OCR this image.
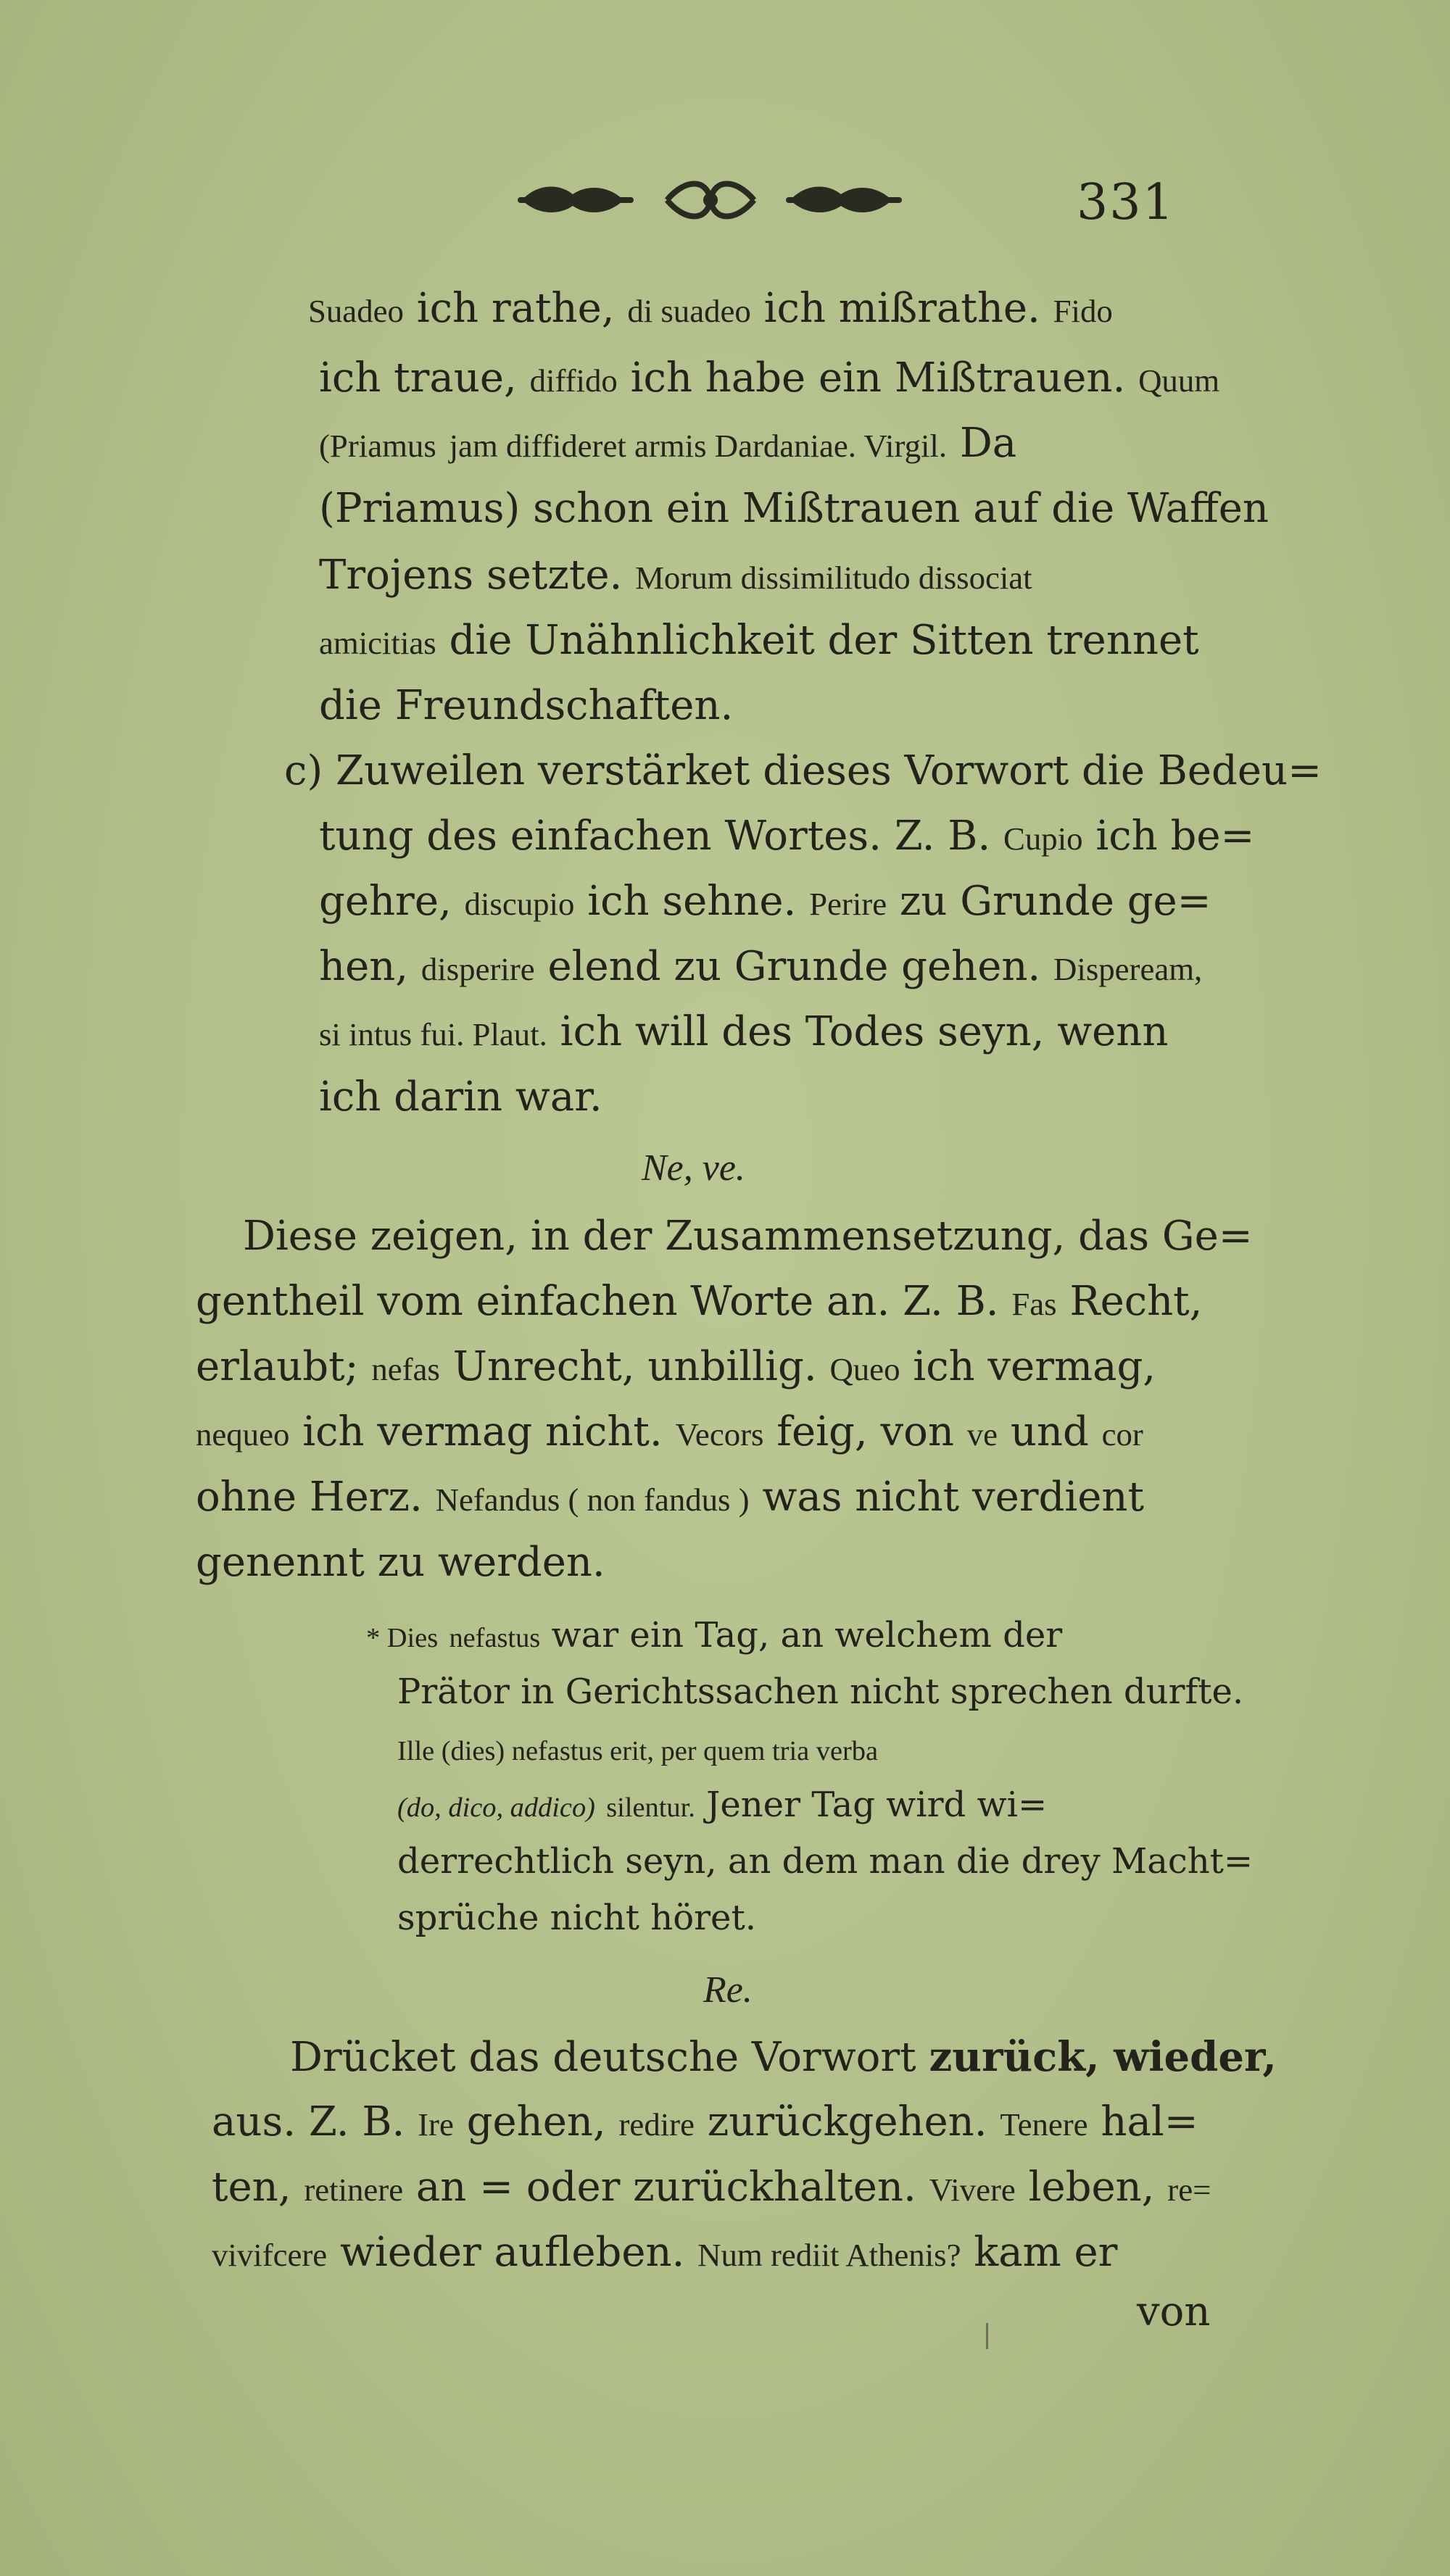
331
Suadeo ich rathe, di suadeo ich mißrathe. Fido
ich traue, diffido ich habe ein Mißtrauen. Quum
(Priamus jam diffideret armis Dardaniae. Virgil. Da
(Priamus) schon ein Mißtrauen auf die Waffen
Trojens setzte. Morum dissimilitudo dissociat
amicitias die Unähnlichkeit der Sitten trennet
die Freundschaften.
c) Zuweilen verstärket dieses Vorwort die Bedeu=
tung des einfachen Wortes. Z. B. Cupio ich be=
gehre, discupio ich sehne. Perire zu Grunde ge=
hen, disperire elend zu Grunde gehen. Dispeream,
si intus fui. Plaut. ich will des Todes seyn, wenn
ich darin war.
Ne, ve.
Diese zeigen, in der Zusammensetzung, das Ge=
gentheil vom einfachen Worte an. Z. B. Fas Recht,
erlaubt; nefas Unrecht, unbillig. Queo ich vermag,
nequeo ich vermag nicht. Vecors feig, von ve und cor
ohne Herz. Nefandus ( non fandus ) was nicht verdient
genennt zu werden.
* Dies nefastus war ein Tag, an welchem der
Prätor in Gerichtssachen nicht sprechen durfte.
Ille (dies) nefastus erit, per quem tria verba
(do, dico, addico) silentur. Jener Tag wird wi=
derrechtlich seyn, an dem man die drey Macht=
sprüche nicht höret.
Re.
Drücket das deutsche Vorwort zurück, wieder,
aus. Z. B. Ire gehen, redire zurückgehen. Tenere hal=
ten, retinere an = oder zurückhalten. Vivere leben, re=
vivifcere wieder aufleben. Num rediit Athenis? kam er
von
